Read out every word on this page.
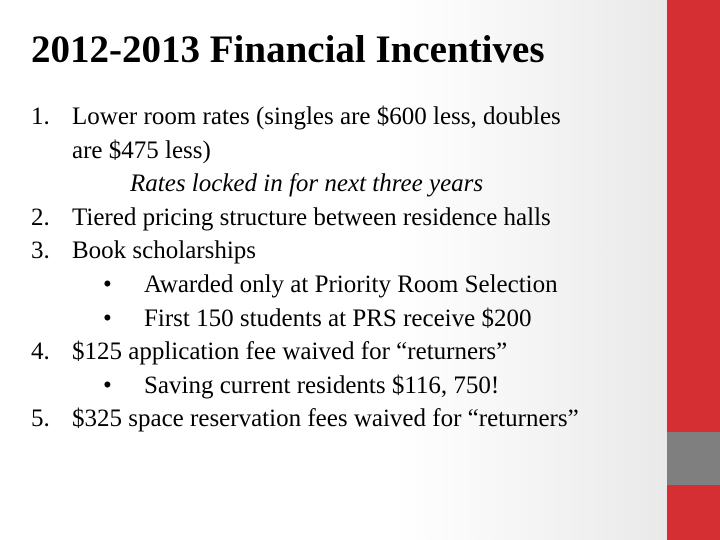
2012-2013 Financial Incentives
1. Lower room rates (singles are $600 less, doubles
are $475 less)
Rates locked in for next three years
2. Tiered pricing structure between residence halls
3. Book scholarships
• Awarded only at Priority Room Selection
• First 150 students at PRS receive $200
4. $125 application fee waived for “returners”
• Saving current residents $116, 750!
5. $325 space reservation fees waived for “returners”
